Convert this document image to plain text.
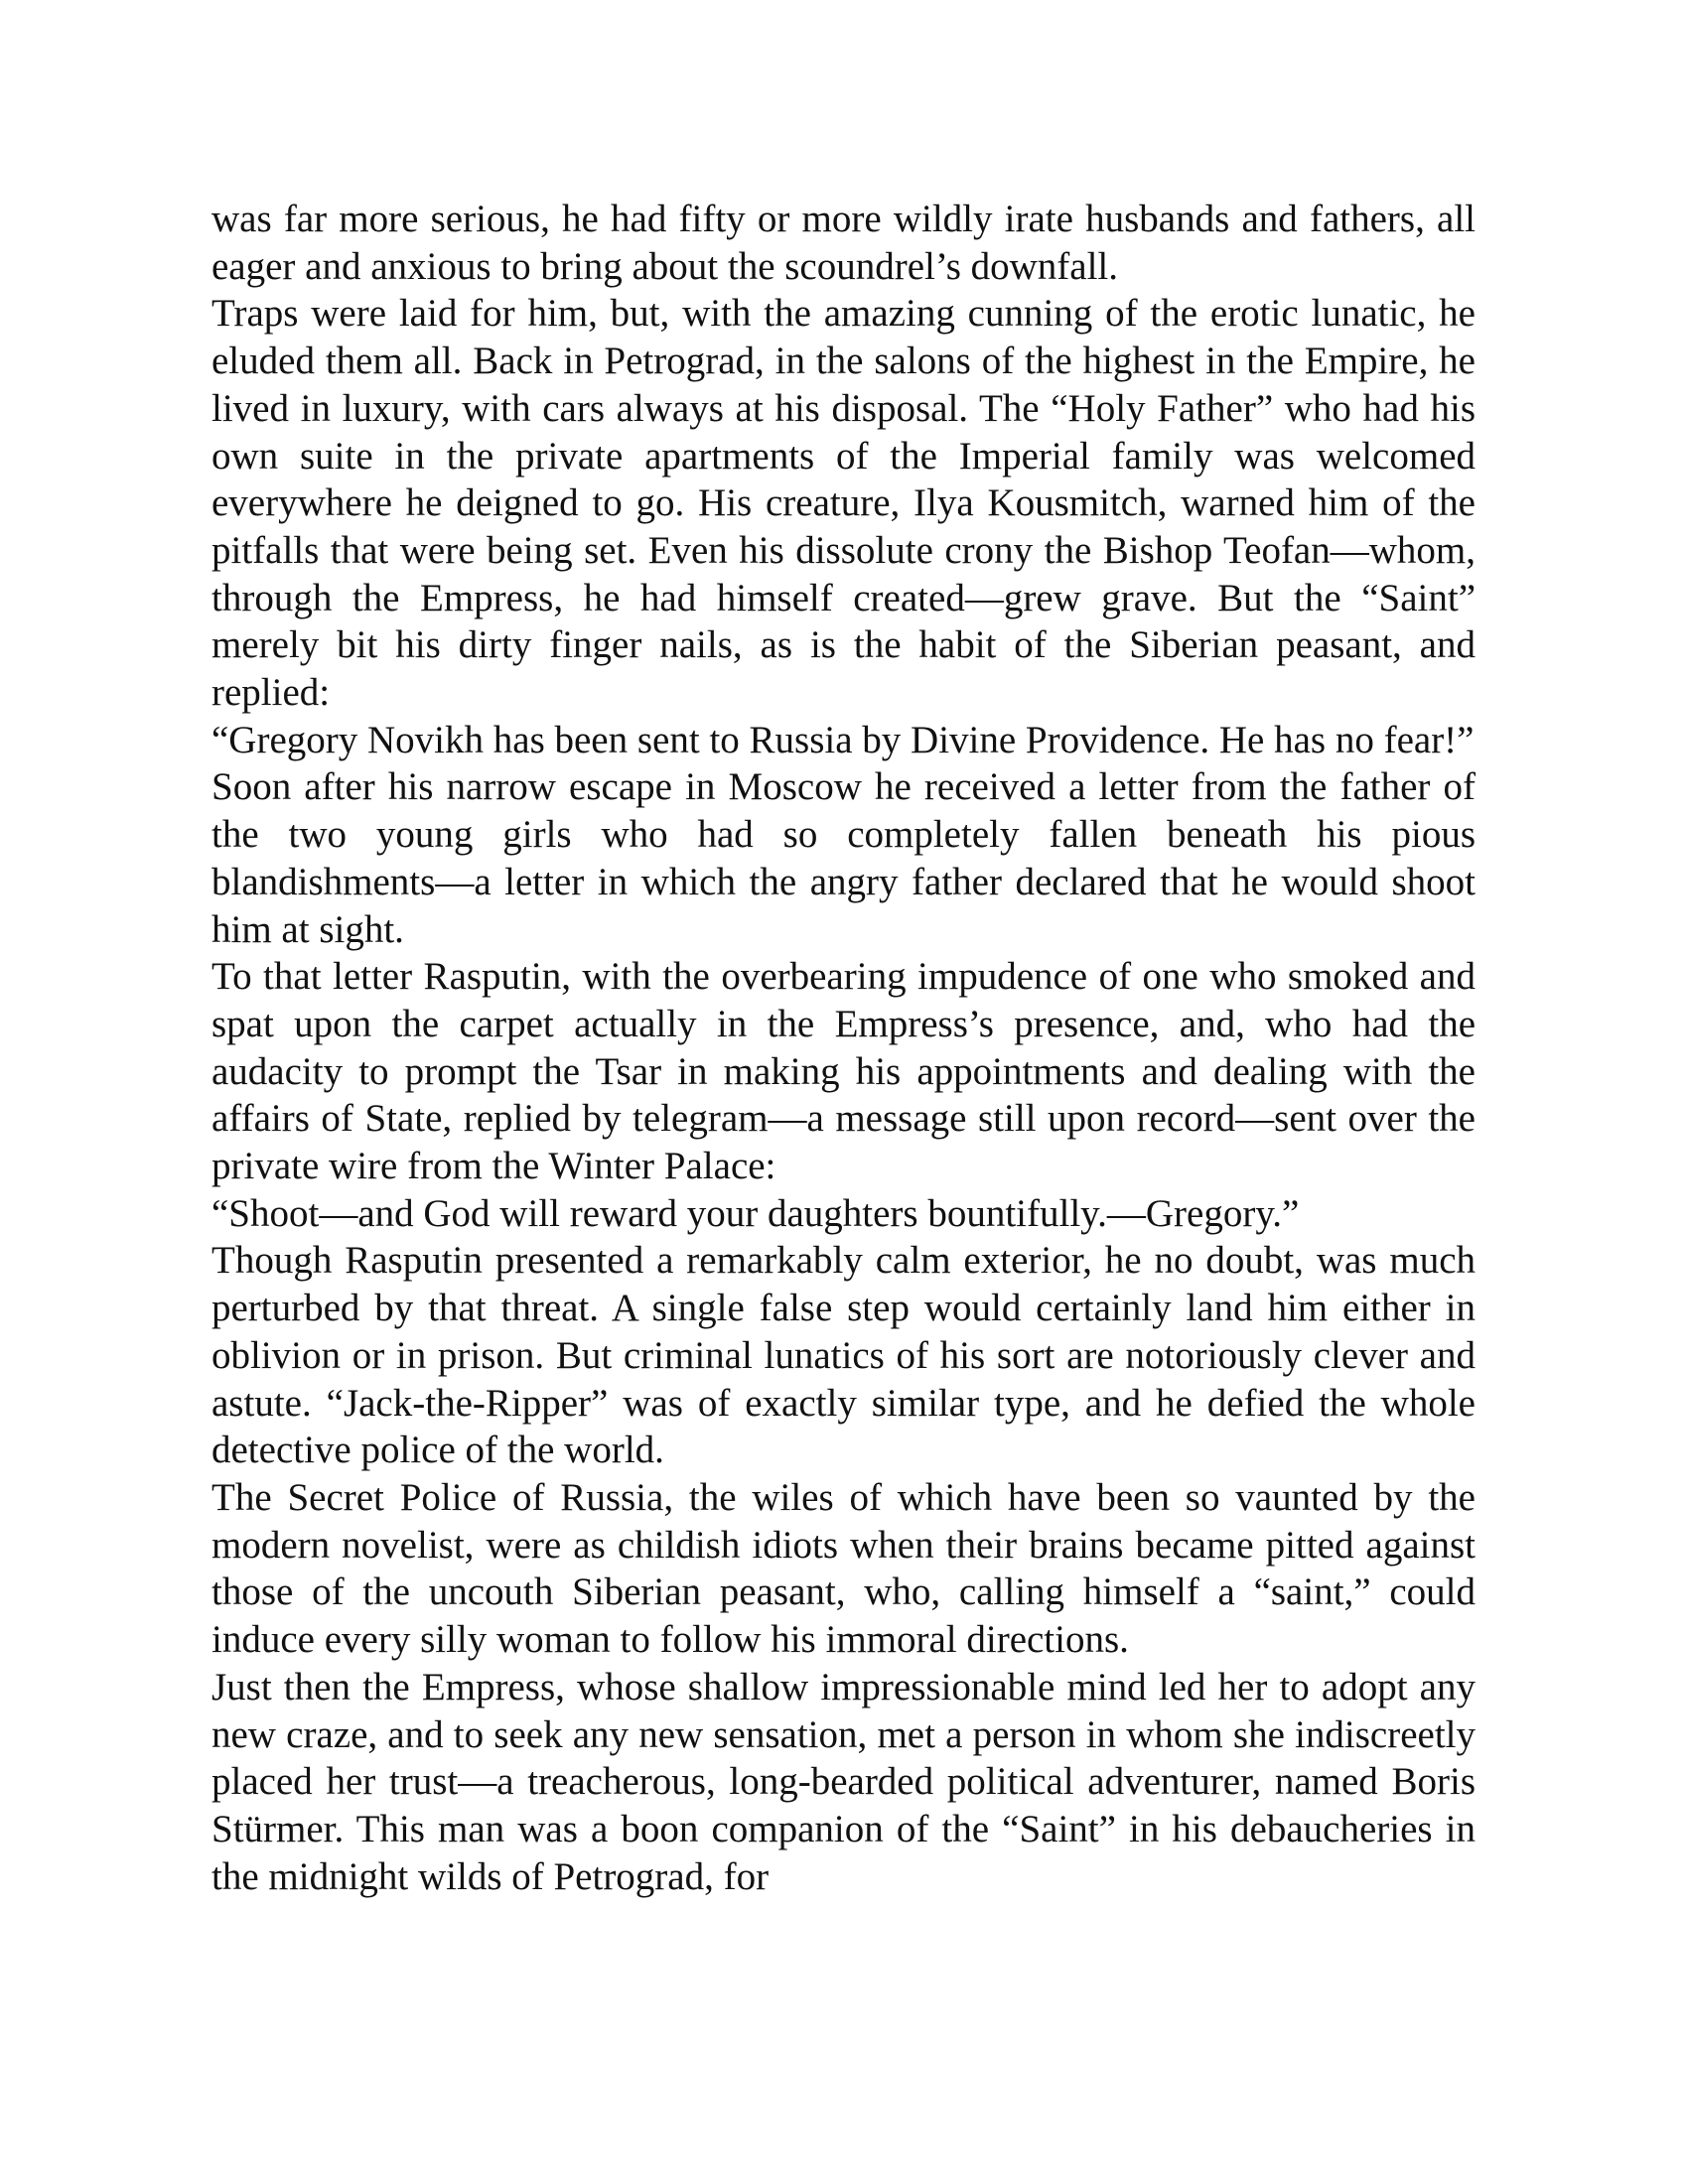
was far more serious, he had fifty or more wildly irate husbands and fathers, all eager and anxious to bring about the scoundrel’s downfall.

Traps were laid for him, but, with the amazing cunning of the erotic lunatic, he eluded them all. Back in Petrograd, in the salons of the highest in the Empire, he lived in luxury, with cars always at his disposal. The “Holy Father” who had his own suite in the private apartments of the Imperial family was welcomed everywhere he deigned to go. His creature, Ilya Kousmitch, warned him of the pitfalls that were being set. Even his dissolute crony the Bishop Teofan—whom, through the Empress, he had himself created—grew grave. But the “Saint” merely bit his dirty finger nails, as is the habit of the Siberian peasant, and replied:

“Gregory Novikh has been sent to Russia by Divine Providence. He has no fear!”

Soon after his narrow escape in Moscow he received a letter from the father of the two young girls who had so completely fallen beneath his pious blandishments—a letter in which the angry father declared that he would shoot him at sight.

To that letter Rasputin, with the overbearing impudence of one who smoked and spat upon the carpet actually in the Empress’s presence, and, who had the audacity to prompt the Tsar in making his appointments and dealing with the affairs of State, replied by telegram—a message still upon record—sent over the private wire from the Winter Palace:

“Shoot—and God will reward your daughters bountifully.—Gregory.”

Though Rasputin presented a remarkably calm exterior, he no doubt, was much perturbed by that threat. A single false step would certainly land him either in oblivion or in prison. But criminal lunatics of his sort are notoriously clever and astute. “Jack-the-Ripper” was of exactly similar type, and he defied the whole detective police of the world.

The Secret Police of Russia, the wiles of which have been so vaunted by the modern novelist, were as childish idiots when their brains became pitted against those of the uncouth Siberian peasant, who, calling himself a “saint,” could induce every silly woman to follow his immoral directions.

Just then the Empress, whose shallow impressionable mind led her to adopt any new craze, and to seek any new sensation, met a person in whom she indiscreetly placed her trust—a treacherous, long-bearded political adventurer, named Boris Stürmer. This man was a boon companion of the “Saint” in his debaucheries in the midnight wilds of Petrograd, for
